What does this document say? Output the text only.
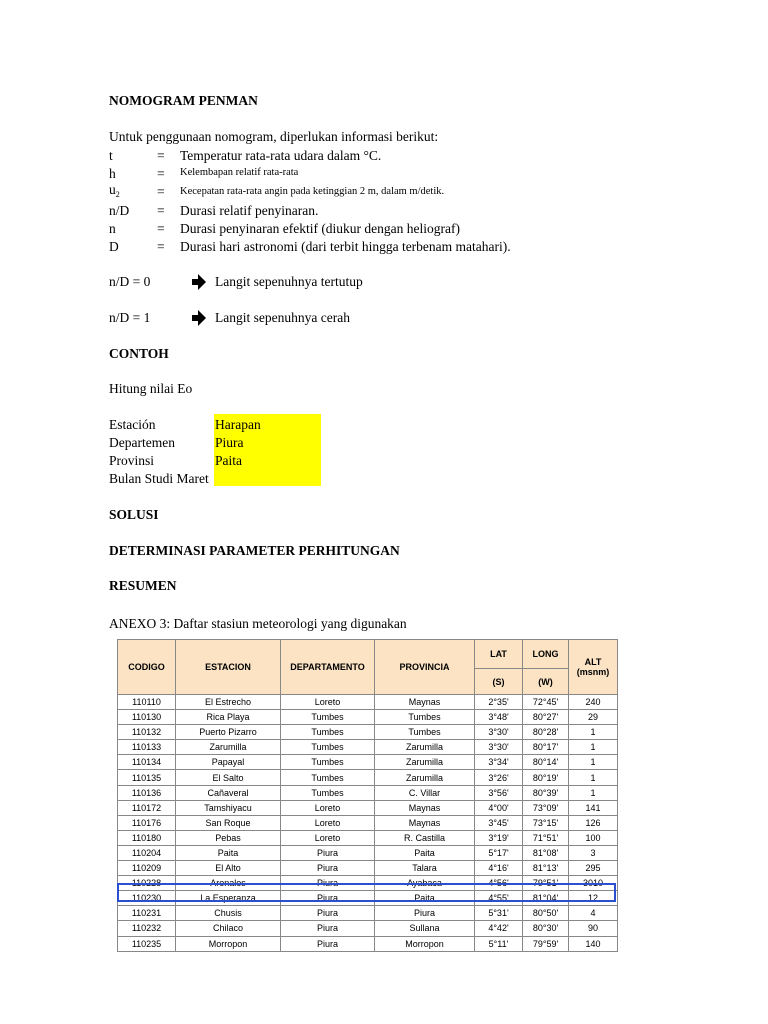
NOMOGRAM PENMAN
Untuk penggunaan nomogram, diperlukan informasi berikut:
t	= Temperatur rata-rata udara dalam °C.
h	= Kelembapan relatif rata-rata
$u_2$	= Kecepatan rata-rata angin pada ketinggian 2 m, dalam m/detik.
n/D = Durasi relatif penyinaran.
n	= Durasi penyinaran efektif (diukur dengan heliograf)
D	= Durasi hari astronomi (dari terbit hingga terbenam matahari).
n/D = 0	Langit sepenuhnya tertutup
n/D = 1	Langit sepenuhnya cerah
CONTOH
Hitung nilai Eo
Estación	Harapan
Departemen	Piura
Provinsi	Paita
Bulan Studi Maret
SOLUSI
DETERMINASI PARAMETER PERHITUNGAN
RESUMEN
ANEXO 3: Daftar stasiun meteorologi yang digunakan
CODIGO	ESTACION	DEPARTAMENTO	PROVINCIA	LAT	LONG	ALT (msnm)
				(S)	(W)	
110110	El Estrecho	Loreto	Maynas	2°35'	72°45'	240
110130	Rica Playa	Tumbes	Tumbes	3°48'	80°27'	29
110132	Puerto Pizarro	Tumbes	Tumbes	3°30'	80°28'	1
110133	Zarumilla	Tumbes	Zarumilla	3°30'	80°17'	1
110134	Papayal	Tumbes	Zarumilla	3°34'	80°14'	1
110135	El Salto	Tumbes	Zarumilla	3°26'	80°19'	1
110136	Cañaveral	Tumbes	C. Villar	3°56'	80°39'	1
110172	Tamshiyacu	Loreto	Maynas	4°00'	73°09'	141
110176	San Roque	Loreto	Maynas	3°45'	73°15'	126
110180	Pebas	Loreto	R. Castilla	3°19'	71°51'	100
110204	Paita	Piura	Paita	5°17'	81°08'	3
110209	El Alto	Piura	Talara	4°16'	81°13'	295
110228	Arenales	Piura	Ayabaca	4°56'	79°51'	3010
110230	La Esperanza	Piura	Paita	4°55'	81°04'	12
110231	Chusis	Piura	Piura	5°31'	80°50'	4
110232	Chilaco	Piura	Sullana	4°42'	80°30'	90
110235	Morropon	Piura	Morropon	5°11'	79°59'	140
